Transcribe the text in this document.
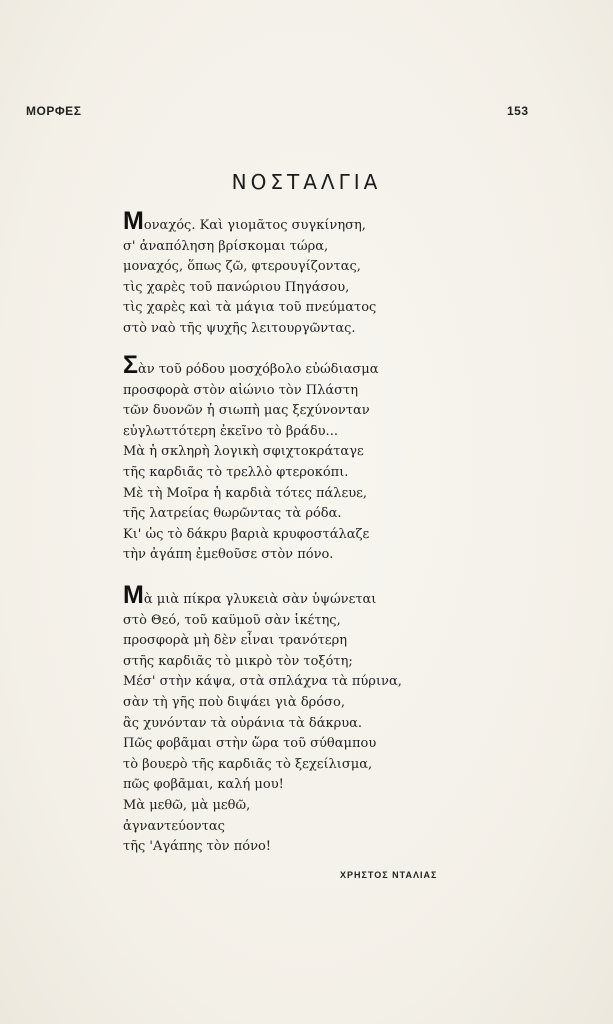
ΜΟΡΦΕΣ	153
ΝΟΣΤΑΛΓΙΑ
Μοναχός. Καὶ γιομᾶτος συγκίνηση,
σ' ἀναπόληση βρίσκομαι τώρα,
μοναχός, ὅπως ζῶ, φτερουγίζοντας,
τὶς χαρὲς τοῦ πανώριου Πηγάσου,
τὶς χαρὲς καὶ τὰ μάγια τοῦ πνεύματος
στὸ ναὸ τῆς ψυχῆς λειτουργῶντας.
Σὰν τοῦ ρόδου μοσχόβολο εὐώδιασμα
προσφορὰ στὸν αἰώνιο τὸν Πλάστη
τῶν δυονῶν ἡ σιωπὴ μας ξεχύνονταν
εὐγλωττότερη ἐκεῖνο τὸ βράδυ...
Μὰ ἡ σκληρὴ λογικὴ σφιχτοκράταγε
τῆς καρδιᾶς τὸ τρελλὸ φτεροκόπι.
Μὲ τὴ Μοῖρα ἡ καρδιὰ τότες πάλευε,
τῆς λατρείας θωρῶντας τὰ ρόδα.
Κι' ὡς τὸ δάκρυ βαριὰ κρυφοστάλαζε
τὴν ἀγάπη ἐμεθοῦσε στὸν πόνο.
Μὰ μιὰ πίκρα γλυκειὰ σὰν ὑψώνεται
στὸ Θεό, τοῦ καϋμοῦ σὰν ἱκέτης,
προσφορὰ μὴ δὲν εἶναι τρανότερη
στῆς καρδιᾶς τὸ μικρὸ τὸν τοξότη;
Μέσ' στὴν κάψα, στὰ σπλάχνα τὰ πύρινα,
σὰν τὴ γῆς ποὺ διψάει γιὰ δρόσο,
ἂς χυνόνταν τὰ οὐράνια τὰ δάκρυα.
Πῶς φοβᾶμαι στὴν ὥρα τοῦ σύθαμπου
τὸ βουερὸ τῆς καρδιᾶς τὸ ξεχείλισμα,
πῶς φοβᾶμαι, καλή μου!
Μὰ μεθῶ, μὰ μεθῶ,
ἀγναντεύοντας
τῆς 'Αγάπης τὸν πόνο!
ΧΡΗΣΤΟΣ ΝΤΑΛΙΑΣ
